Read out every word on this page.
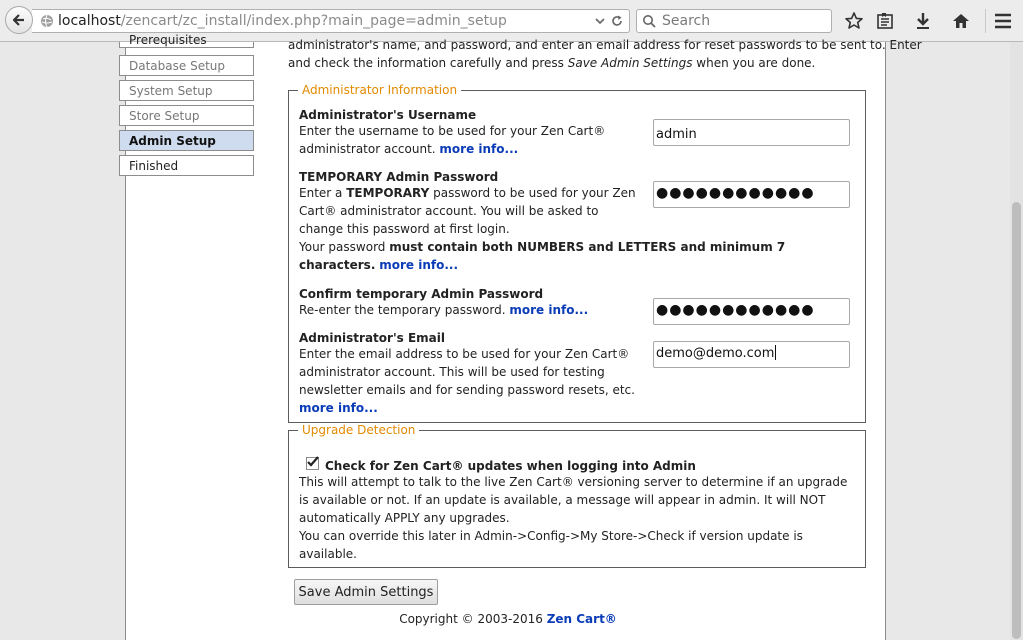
localhost/zencart/zc_install/index.php?main_page=admin_setup	Search
Prerequisites
Database Setup
System Setup
Store Setup
Admin Setup
Finished
administrator's name, and password, and enter an email address for reset passwords to be sent to. Enter
and check the information carefully and press Save Admin Settings when you are done.
Administrator Information
Administrator's Username
Enter the username to be used for your Zen Cart® administrator account. more info...
admin
TEMPORARY Admin Password
Enter a TEMPORARY password to be used for your Zen Cart® administrator account. You will be asked to change this password at first login.
●●●●●●●●●●●●
Your password must contain both NUMBERS and LETTERS and minimum 7 characters. more info...
Confirm temporary Admin Password
Re-enter the temporary password. more info...	●●●●●●●●●●●●
Administrator's Email
Enter the email address to be used for your Zen Cart® administrator account. This will be used for testing newsletter emails and for sending password resets, etc. more info...
demo@demo.com
Upgrade Detection
Check for Zen Cart® updates when logging into Admin
This will attempt to talk to the live Zen Cart® versioning server to determine if an upgrade is available or not. If an update is available, a message will appear in admin. It will NOT automatically APPLY any upgrades.
You can override this later in Admin->Config->My Store->Check if version update is available.
Save Admin Settings
Copyright © 2003-2016 Zen Cart®
